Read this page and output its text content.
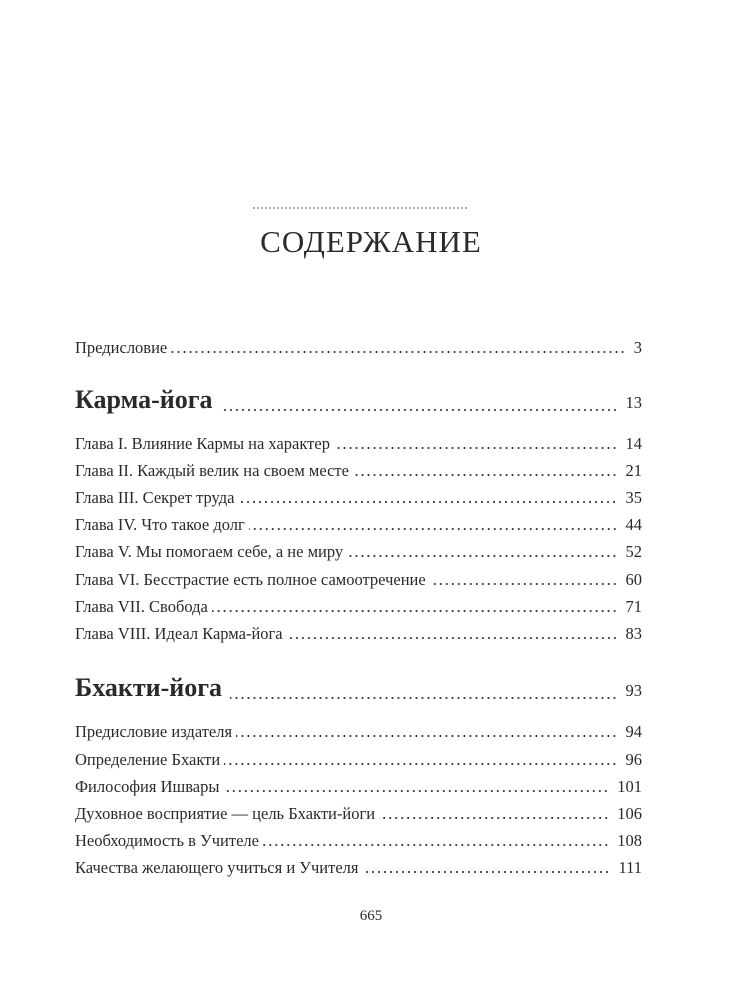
СОДЕРЖАНИЕ
Предисловие	3
Карма-йога	13
Глава I. Влияние Кармы на характер	14
Глава II. Каждый велик на своем месте	21
Глава III. Секрет труда	35
Глава IV. Что такое долг	44
Глава V. Мы помогаем себе, а не миру	52
Глава VI. Бесстрастие есть полное самоотречение	60
Глава VII. Свобода	71
Глава VIII. Идеал Карма-йога	83
Бхакти-йога	93
Предисловие издателя	94
Определение Бхакти	96
Философия Ишвары	101
Духовное восприятие — цель Бхакти-йоги	106
Необходимость в Учителе	108
Качества желающего учиться и Учителя	111
665
